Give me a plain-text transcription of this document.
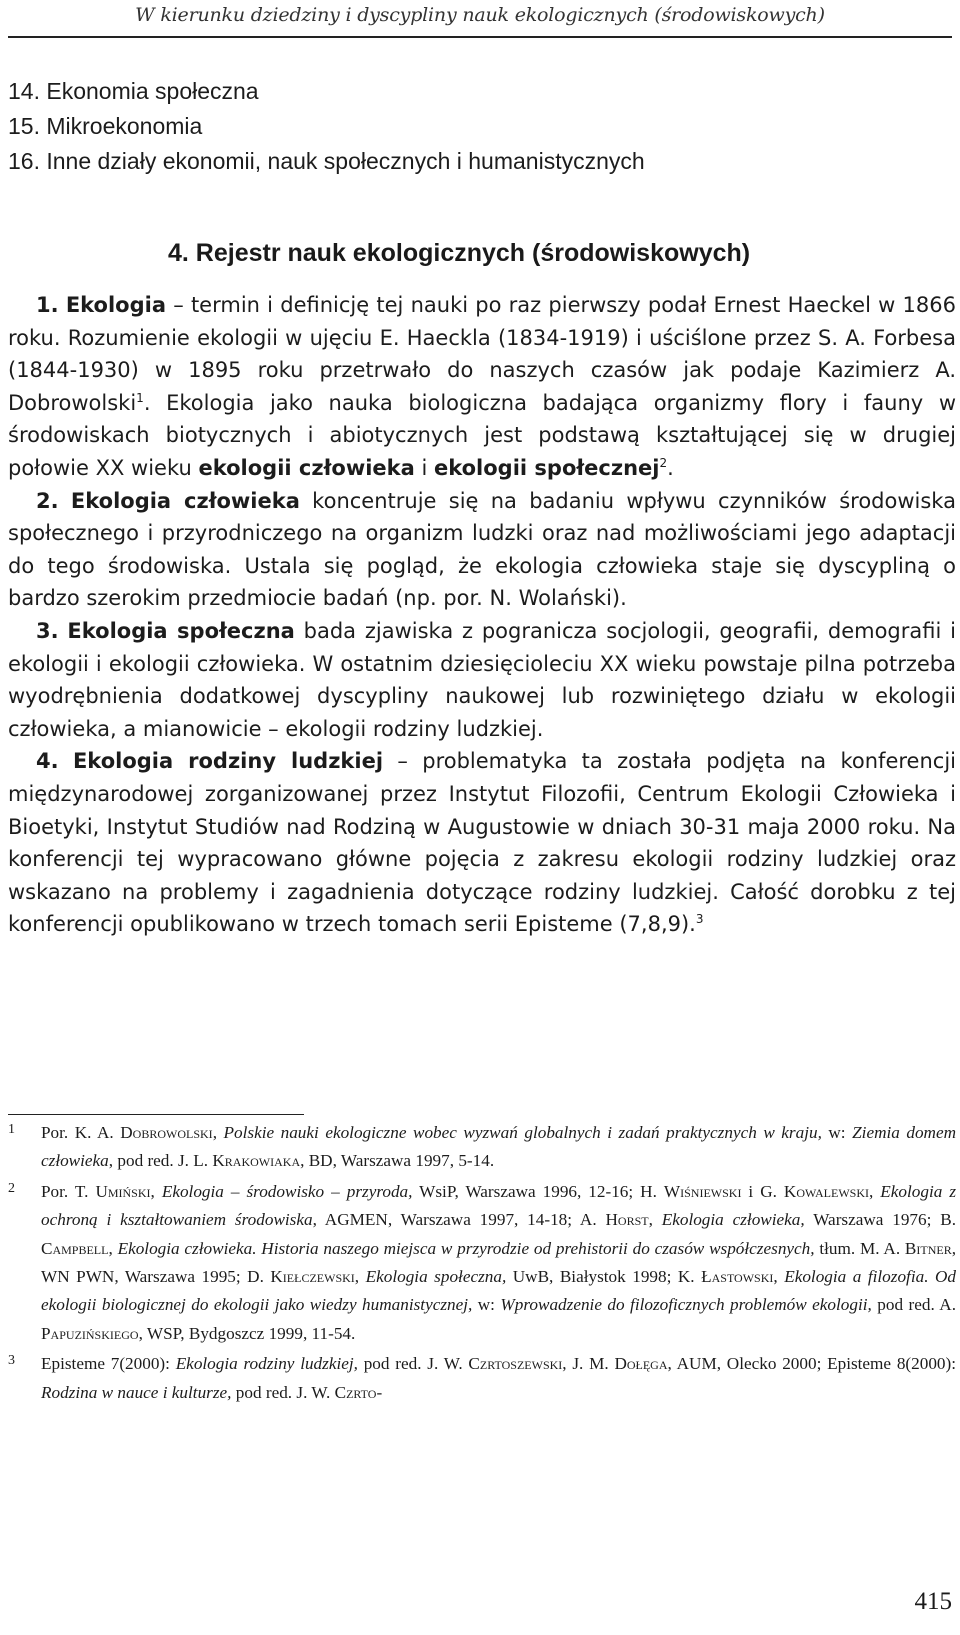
W kierunku dziedziny i dyscypliny nauk ekologicznych (środowiskowych)
14. Ekonomia społeczna
15. Mikroekonomia
16. Inne działy ekonomii, nauk społecznych i humanistycznych
4. Rejestr nauk ekologicznych (środowiskowych)

1. Ekologia – termin i definicję tej nauki po raz pierwszy podał Ernest Haeckel w 1866 roku. Rozumienie ekologii w ujęciu E. Haeckla (1834-1919) i uściślone przez S. A. Forbesa (1844-1930) w 1895 roku przetrwało do naszych czasów jak podaje Kazimierz A. Dobrowolski$^1$. Ekologia jako nauka biologiczna badająca organizmy flory i fauny w środowiskach biotycznych i abiotycznych jest podstawą kształtującej się w drugiej połowie XX wieku ekologii człowieka i ekologii społecznej$^2$.

2. Ekologia człowieka koncentruje się na badaniu wpływu czynników środowiska społecznego i przyrodniczego na organizm ludzki oraz nad możliwościami jego adaptacji do tego środowiska. Ustala się pogląd, że ekologia człowieka staje się dyscypliną o bardzo szerokim przedmiocie badań (np. por. N. Wolański).

3. Ekologia społeczna bada zjawiska z pogranicza socjologii, geografii, demografii i ekologii i ekologii człowieka. W ostatnim dziesięcioleciu XX wieku powstaje pilna potrzeba wyodrębnienia dodatkowej dyscypliny naukowej lub rozwiniętego działu w ekologii człowieka, a mianowicie – ekologii rodziny ludzkiej.

4. Ekologia rodziny ludzkiej – problematyka ta została podjęta na konferencji międzynarodowej zorganizowanej przez Instytut Filozofii, Centrum Ekologii Człowieka i Bioetyki, Instytut Studiów nad Rodziną w Augustowie w dniach 30-31 maja 2000 roku. Na konferencji tej wypracowano główne pojęcia z zakresu ekologii rodziny ludzkiej oraz wskazano na problemy i zagadnienia dotyczące rodziny ludzkiej. Całość dorobku z tej konferencji opublikowano w trzech tomach serii Episteme (7,8,9).$^3$

1 Por. K. A. Dobrowolski, Polskie nauki ekologiczne wobec wyzwań globalnych i zadań praktycznych w kraju, w: Ziemia domem człowieka, pod red. J. L. Krakowiaka, BD, Warszawa 1997, 5-14.
2 Por. T. Umiński, Ekologia – środowisko – przyroda, WsiP, Warszawa 1996, 12-16; H. Wiśniewski i G. Kowalewski, Ekologia z ochroną i kształtowaniem środowiska, AGMEN, Warszawa 1997, 14-18; A. Horst, Ekologia człowieka, Warszawa 1976; B. Campbell, Ekologia człowieka. Historia naszego miejsca w przyrodzie od prehistorii do czasów współczesnych, tłum. M. A. Bitner, WN PWN, Warszawa 1995; D. Kiełczewski, Ekologia społeczna, UwB, Białystok 1998; K. Łastowski, Ekologia a filozofia. Od ekologii biologicznej do ekologii jako wiedzy humanistycznej, w: Wprowadzenie do filozoficznych problemów ekologii, pod red. A. Papuzińskiego, WSP, Bydgoszcz 1999, 11-54.
3 Episteme 7(2000): Ekologia rodziny ludzkiej, pod red. J. W. Czrtoszewski, J. M. Dołęga, AUM, Olecko 2000; Episteme 8(2000): Rodzina w nauce i kulturze, pod red. J. W. Czrto-
415
